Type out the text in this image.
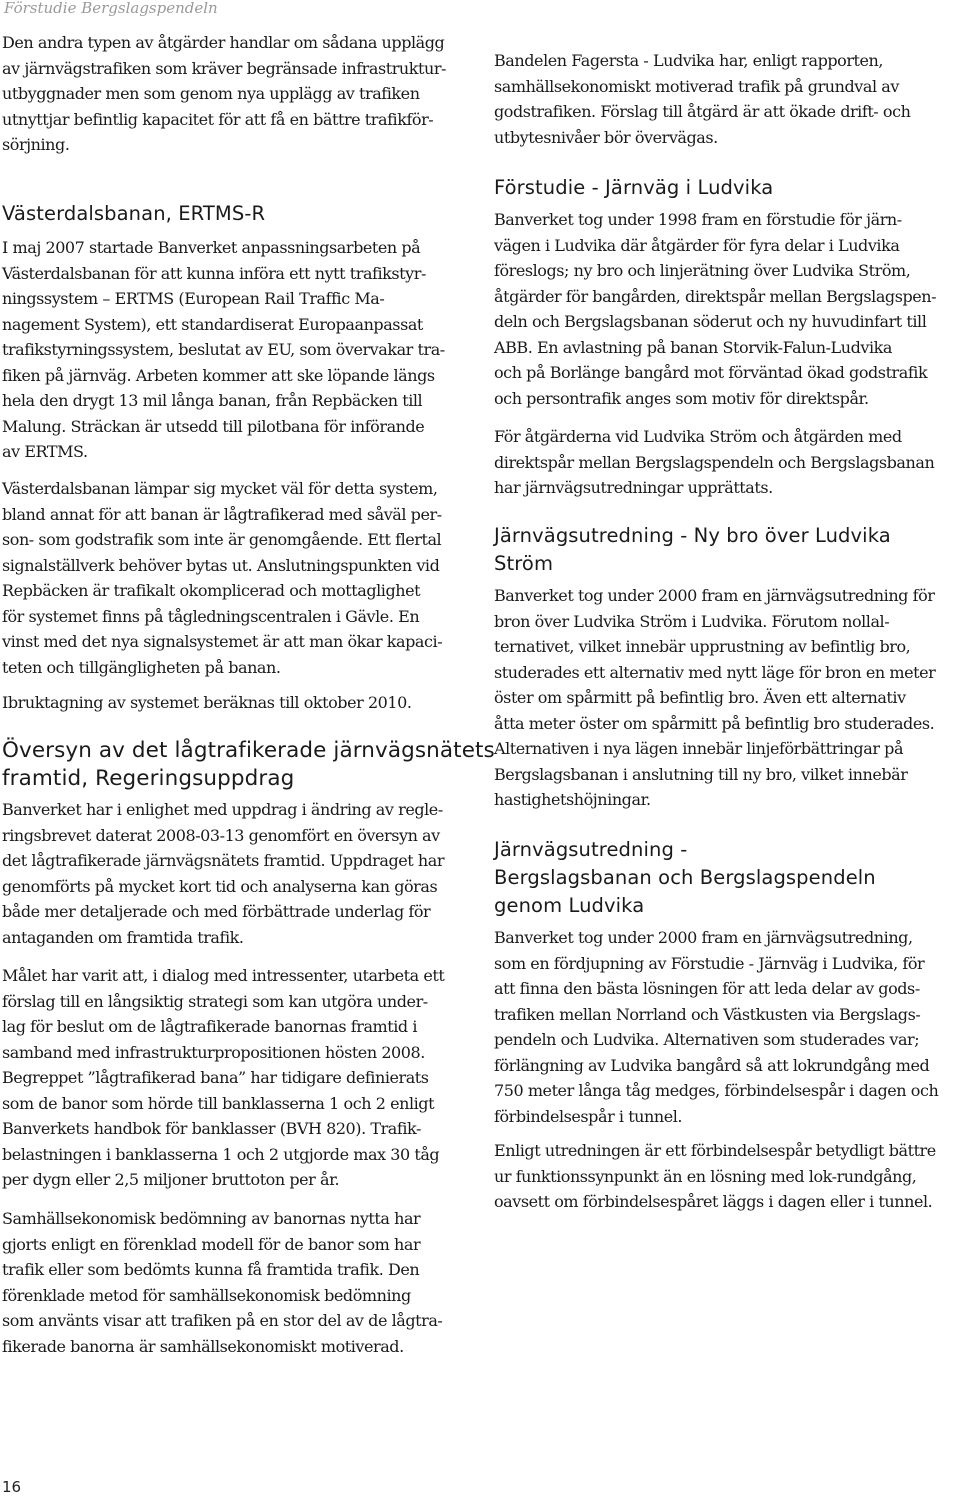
Förstudie Bergslagspendeln

Den andra typen av åtgärder handlar om sådana upplägg
av järnvägstrafiken som kräver begränsade infrastruktur-
utbyggnader men som genom nya upplägg av trafiken
utnyttjar befintlig kapacitet för att få en bättre trafikför-
sörjning.

Västerdalsbanan, ERTMS-R

I maj 2007 startade Banverket anpassningsarbeten på
Västerdalsbanan för att kunna införa ett nytt trafikstyr-
ningssystem – ERTMS (European Rail Traffic Ma-
nagement System), ett standardiserat Europaanpassat
trafikstyrningssystem, beslutat av EU, som övervakar tra-
fiken på järnväg. Arbeten kommer att ske löpande längs
hela den drygt 13 mil långa banan, från Repbäcken till
Malung. Sträckan är utsedd till pilotbana för införande
av ERTMS.

Västerdalsbanan lämpar sig mycket väl för detta system,
bland annat för att banan är lågtrafikerad med såväl per-
son- som godstrafik som inte är genomgående. Ett flertal
signalställverk behöver bytas ut. Anslutningspunkten vid
Repbäcken är trafikalt okomplicerad och mottaglighet
för systemet finns på tågledningscentralen i Gävle. En
vinst med det nya signalsystemet är att man ökar kapaci-
teten och tillgängligheten på banan.

Ibruktagning av systemet beräknas till oktober 2010.

Översyn av det lågtrafikerade järnvägsnätets
framtid, Regeringsuppdrag

Banverket har i enlighet med uppdrag i ändring av regle-
ringsbrevet daterat 2008-03-13 genomfört en översyn av
det lågtrafikerade järnvägsnätets framtid. Uppdraget har
genomförts på mycket kort tid och analyserna kan göras
både mer detaljerade och med förbättrade underlag för
antaganden om framtida trafik.

Målet har varit att, i dialog med intressenter, utarbeta ett
förslag till en långsiktig strategi som kan utgöra under-
lag för beslut om de lågtrafikerade banornas framtid i
samband med infrastrukturpropositionen hösten 2008.
Begreppet ”lågtrafikerad bana” har tidigare definierats
som de banor som hörde till banklasserna 1 och 2 enligt
Banverkets handbok för banklasser (BVH 820). Trafik-
belastningen i banklasserna 1 och 2 utgjorde max 30 tåg
per dygn eller 2,5 miljoner bruttoton per år.

Samhällsekonomisk bedömning av banornas nytta har
gjorts enligt en förenklad modell för de banor som har
trafik eller som bedömts kunna få framtida trafik. Den
förenklade metod för samhällsekonomisk bedömning
som använts visar att trafiken på en stor del av de lågtra-
fikerade banorna är samhällsekonomiskt motiverad.

Bandelen Fagersta - Ludvika har, enligt rapporten,
samhällsekonomiskt motiverad trafik på grundval av
godstrafiken. Förslag till åtgärd är att ökade drift- och
utbytesnivåer bör övervägas.

Förstudie - Järnväg i Ludvika

Banverket tog under 1998 fram en förstudie för järn-
vägen i Ludvika där åtgärder för fyra delar i Ludvika
föreslogs; ny bro och linjerätning över Ludvika Ström,
åtgärder för bangården, direktspår mellan Bergslagspen-
deln och Bergslagsbanan söderut och ny huvudinfart till
ABB. En avlastning på banan Storvik-Falun-Ludvika
och på Borlänge bangård mot förväntad ökad godstrafik
och persontrafik anges som motiv för direktspår.

För åtgärderna vid Ludvika Ström och åtgärden med
direktspår mellan Bergslagspendeln och Bergslagsbanan
har järnvägsutredningar upprättats.

Järnvägsutredning - Ny bro över Ludvika
Ström

Banverket tog under 2000 fram en järnvägsutredning för
bron över Ludvika Ström i Ludvika. Förutom nollal-
ternativet, vilket innebär upprustning av befintlig bro,
studerades ett alternativ med nytt läge för bron en meter
öster om spårmitt på befintlig bro. Även ett alternativ
åtta meter öster om spårmitt på befintlig bro studerades.
Alternativen i nya lägen innebär linjeförbättringar på
Bergslagsbanan i anslutning till ny bro, vilket innebär
hastighetshöjningar.

Järnvägsutredning -
Bergslagsbanan och Bergslagspendeln
genom Ludvika

Banverket tog under 2000 fram en järnvägsutredning,
som en fördjupning av Förstudie - Järnväg i Ludvika, för
att finna den bästa lösningen för att leda delar av gods-
trafiken mellan Norrland och Västkusten via Bergslags-
pendeln och Ludvika. Alternativen som studerades var;
förlängning av Ludvika bangård så att lokrundgång med
750 meter långa tåg medges, förbindelsespår i dagen och
förbindelsespår i tunnel.

Enligt utredningen är ett förbindelsespår betydligt bättre
ur funktionssynpunkt än en lösning med lok-rundgång,
oavsett om förbindelsespåret läggs i dagen eller i tunnel.

16
